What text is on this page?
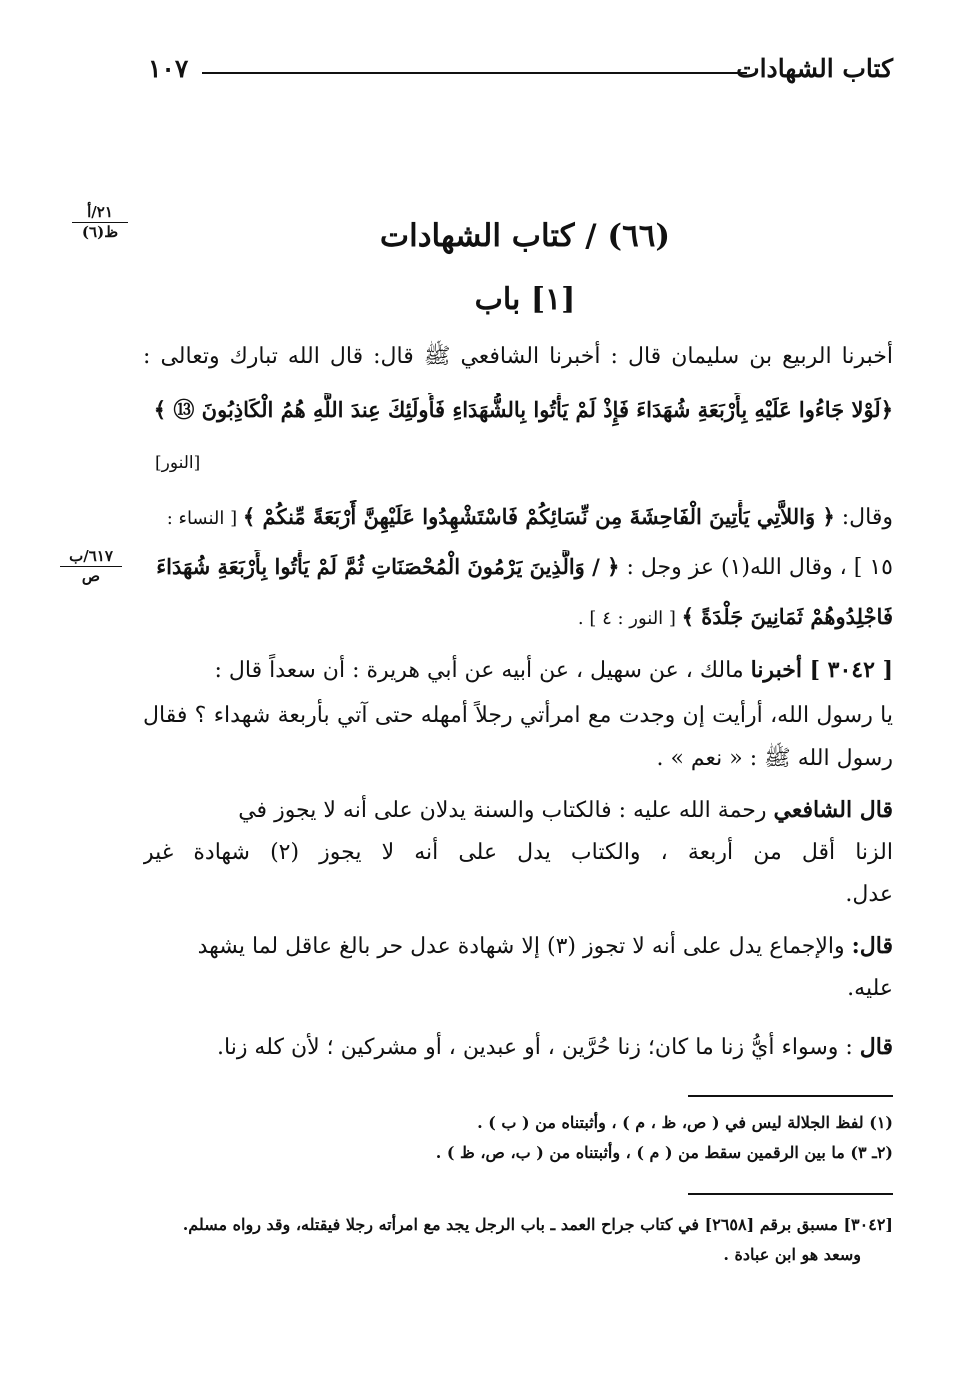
كتاب الشهادات
١٠٧
٢١/أ
ظ(٦)
٦١٧/ب
ص
(٦٦) / كتاب الشهادات
[١] باب
أخبرنا الربيع بن سليمان قال : أخبرنا الشافعي ﷺ قال: قال الله تبارك وتعالى :
﴿لَوْلا جَاءُوا عَلَيْهِ بِأَرْبَعَةِ شُهَدَاءَ فَإِذْ لَمْ يَأْتُوا بِالشُّهَدَاءِ فَأُولَئِكَ عِندَ اللَّهِ هُمُ الْكَاذِبُونَ ⑬ ﴾
[النور]
وقال: ﴿ وَاللاَّتِي يَأْتِينَ الْفَاحِشَةَ مِن نِّسَائِكُمْ فَاسْتَشْهِدُوا عَلَيْهِنَّ أَرْبَعَةً مِّنكُمْ ﴾ [ النساء :
١٥ ] ، وقال الله(١) عز وجل : ﴿ / وَالَّذِينَ يَرْمُونَ الْمُحْصَنَاتِ ثُمَّ لَمْ يَأْتُوا بِأَرْبَعَةِ شُهَدَاءَ
فَاجْلِدُوهُمْ ثَمَانِينَ جَلْدَةً ﴾ [ النور : ٤ ] .
[ ٣٠٤٢ ] أخبرنا مالك ، عن سهيل ، عن أبيه عن أبي هريرة : أن سعداً قال :
يا رسول الله، أرأيت إن وجدت مع امرأتي رجلاً أمهله حتى آتي بأربعة شهداء ؟ فقال
رسول الله ﷺ : « نعم » .
قال الشافعي رحمة الله عليه : فالكتاب والسنة يدلان على أنه لا يجوز في
الزنا أقل من أربعة ، والكتاب يدل على أنه لا يجوز (٢) شهادة غير
عدل.
قال: والإجماع يدل على أنه لا تجوز (٣) إلا شهادة عدل حر بالغ عاقل لما يشهد
عليه.
قال : وسواء أيُّ زنا ما كان؛ زنا حُرَّين ، أو عبدين ، أو مشركين ؛ لأن كله زنا.
(١) لفظ الجلالة ليس في ( ص، ظ ، م ) ، وأثبتناه من ( ب ) .
(٢ـ ٣) ما بين الرقمين سقط من ( م ) ، وأثبتناه من ( ب، ص، ظ ) .
[٣٠٤٢] مسبق برقم [٢٦٥٨] في كتاب جراح العمد ـ باب الرجل يجد مع امرأته رجلا فيقتله، وقد رواه مسلم.
وسعد هو ابن عبادة .
